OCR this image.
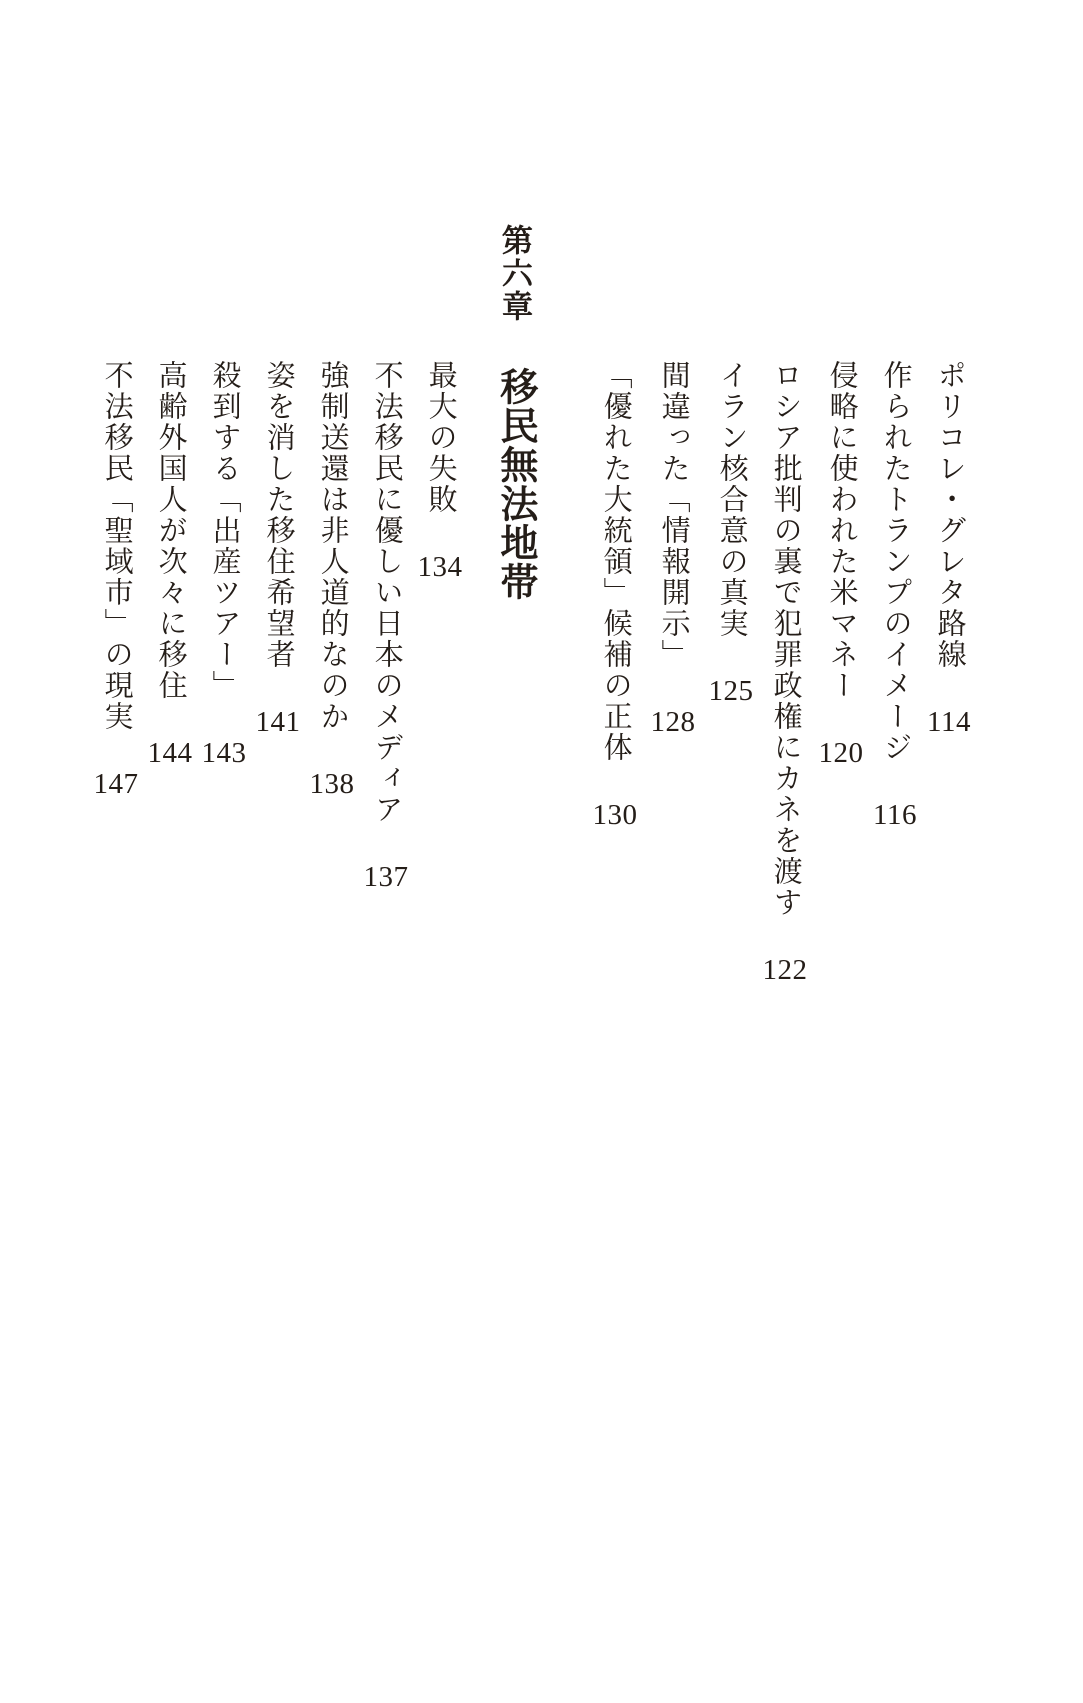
ポリコレ・グレタ路線
114
作られたトランプのイメージ
116
侵略に使われた米マネー
120
ロシア批判の裏で犯罪政権にカネを渡す
122
イラン核合意の真実
125
間違った「情報開示」
128
「優れた大統領」候補の正体
130
第六章
移民無法地帯
最大の失敗
134
不法移民に優しい日本のメディア
137
強制送還は非人道的なのか
138
姿を消した移住希望者
141
殺到する「出産ツアー」
143
高齢外国人が次々に移住
144
不法移民「聖域市」の現実
147
